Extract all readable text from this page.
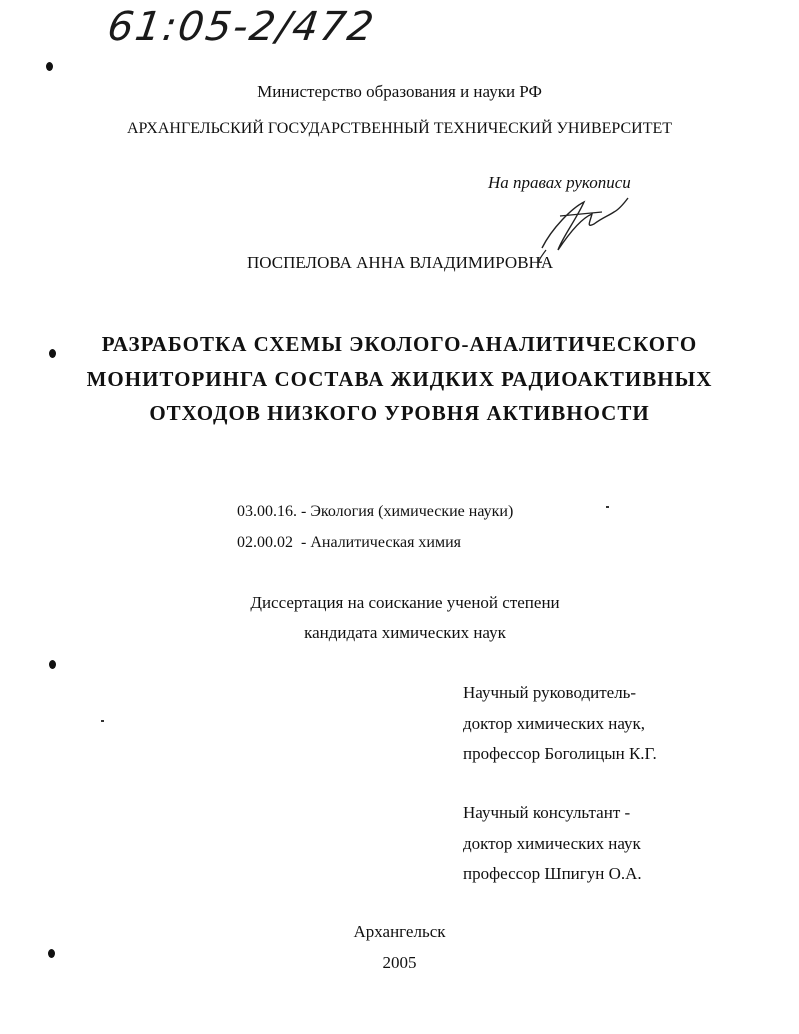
61:05-2/472
Министерство образования и науки РФ
АРХАНГЕЛЬСКИЙ ГОСУДАРСТВЕННЫЙ ТЕХНИЧЕСКИЙ УНИВЕРСИТЕТ
На правах рукописи
ПОСПЕЛОВА АННА ВЛАДИМИРОВНА
РАЗРАБОТКА СХЕМЫ ЭКОЛОГО-АНАЛИТИЧЕСКОГО
МОНИТОРИНГА СОСТАВА ЖИДКИХ РАДИОАКТИВНЫХ
ОТХОДОВ НИЗКОГО УРОВНЯ АКТИВНОСТИ
03.00.16. - Экология (химические науки)
02.00.02  - Аналитическая химия
Диссертация на соискание ученой степени
кандидата химических наук
Научный руководитель-
доктор химических наук,
профессор Боголицын К.Г.
Научный консультант -
доктор химических наук
профессор Шпигун О.А.
Архангельск
2005
